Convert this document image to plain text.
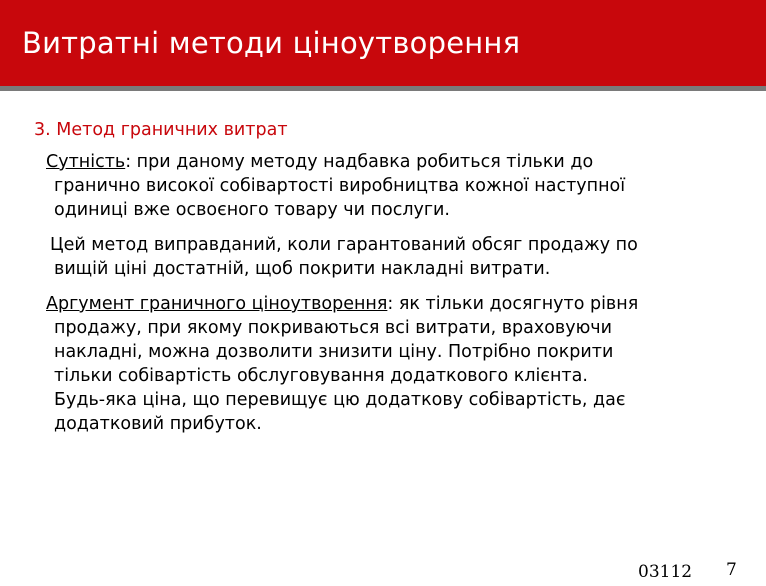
Витратні методи ціноутворення
3. Метод граничних витрат

Сутність: при даному методу надбавка робиться тільки до
гранично високої собівартості виробництва кожної наступної
одиниці вже освоєного товару чи послуги.

Цей метод виправданий, коли гарантований обсяг продажу по
вищій ціні достатній, щоб покрити накладні витрати.

Аргумент граничного ціноутворення: як тільки досягнуто рівня
продажу, при якому покриваються всі витрати, враховуючи
накладні, можна дозволити знизити ціну. Потрібно покрити
тільки собівартість обслуговування додаткового клієнта.
Будь-яка ціна, що перевищує цю додаткову собівартість, дає
додатковий прибуток.

03112 7
